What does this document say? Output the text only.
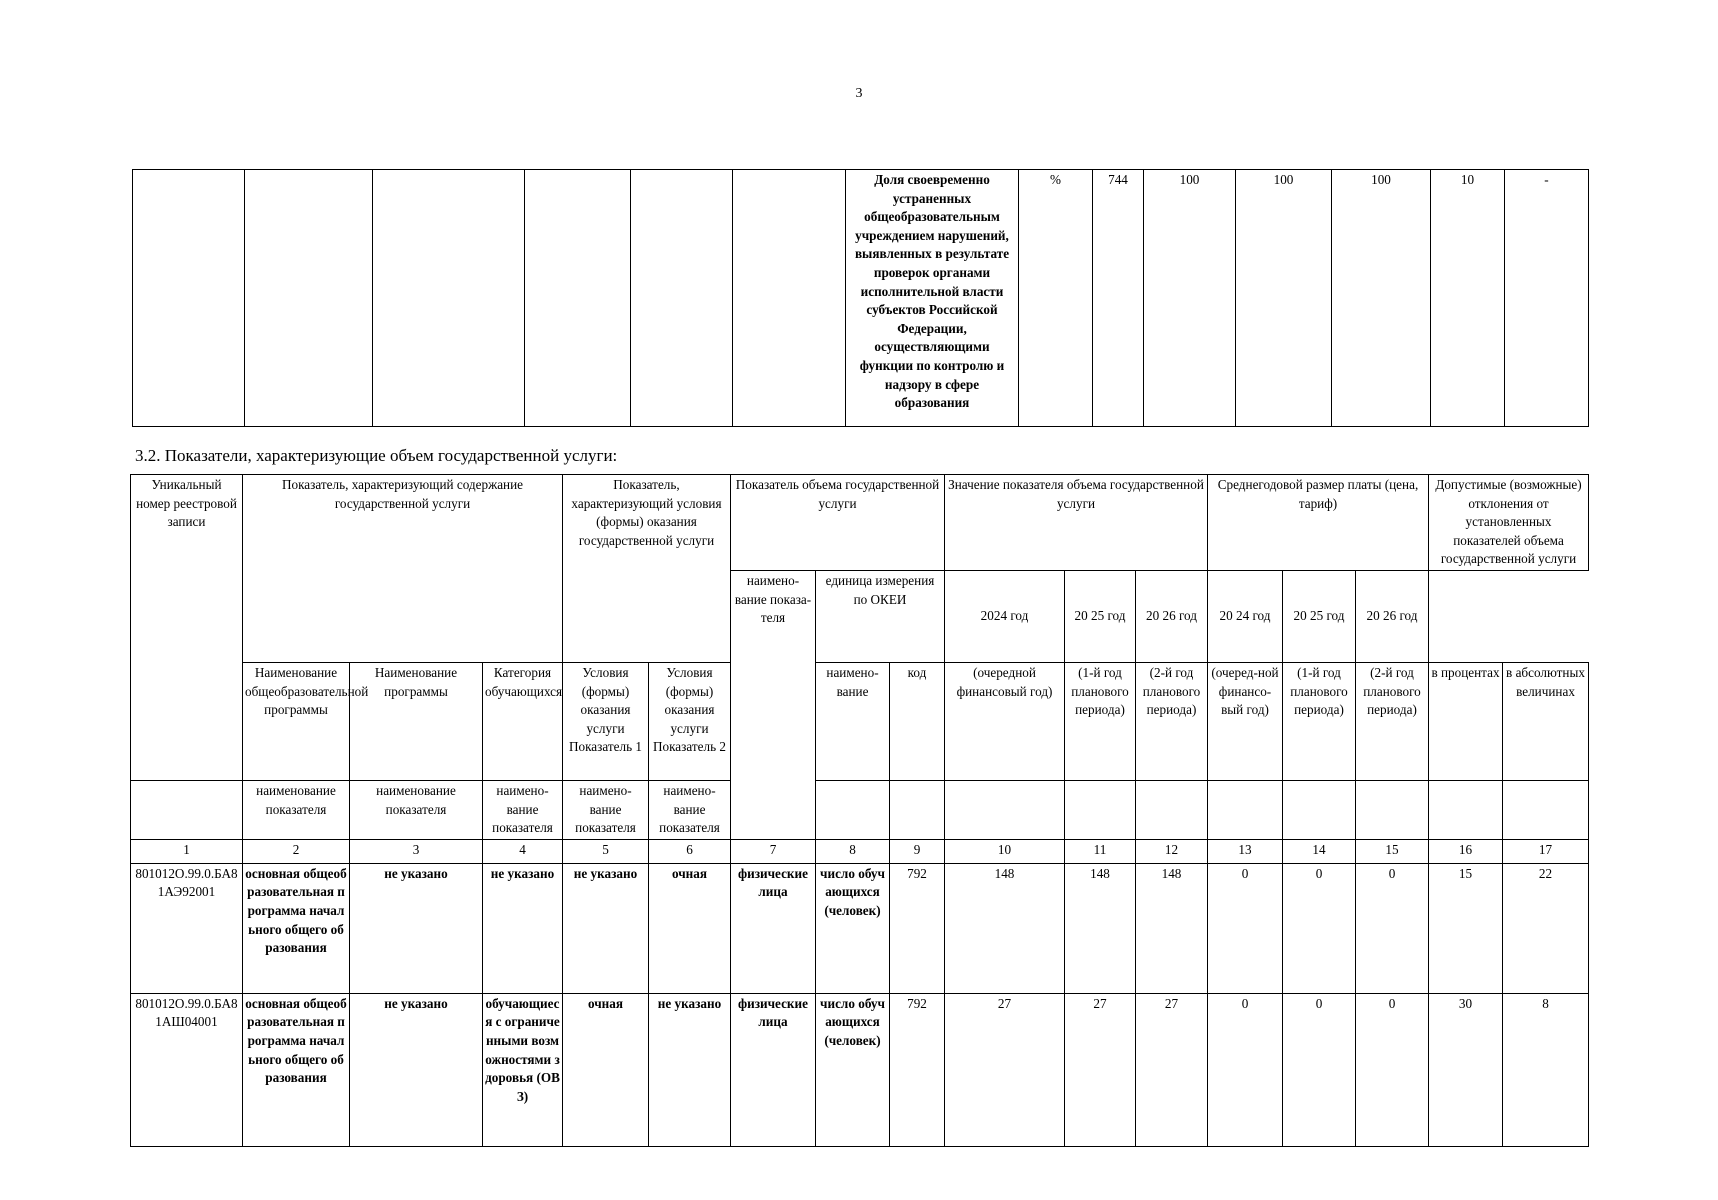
3
						Доля своевременно устраненных общеобразовательным учреждением нарушений, выявленных в результате проверок органами исполнительной власти субъектов Российской Федерации, осуществляющими функции по контролю и надзору в сфере образования	%	744	100	100	100	10	-
3.2. Показатели, характеризующие объем государственной услуги:
Уникальный номер реестровой записи	Показатель, характеризующий содержание государственной услуги			Показатель, характеризующий условия (формы) оказания государственной услуги		Показатель объема государственной услуги			Значение показателя объема государственной услуги			Среднегодовой размер платы (цена, тариф)			Допустимые (возможные) отклонения от установленных показателей объема государственной услуги	
						наимено-вание показа-теля	единица измерения по ОКЕИ		2024 год	20 25 год	20 26 год	20 24 год	20 25 год	20 26 год		
	Наименование общеобразовательной программы	Наименование программы	Категория обучающихся	Условия (формы) оказания услуги Показатель 1	Условия (формы) оказания услуги Показатель 2		наимено-вание	код	(очередной финансовый год)	(1-й год планового периода)	(2-й год планового периода)	(очеред-ной финансо-вый год)	(1-й год планового периода)	(2-й год планового периода)	в процентах	в абсолютных величинах
	наименование показателя	наименование показателя	наимено-вание показателя	наимено-вание показателя	наимено-вание показателя											
1	2	3	4	5	6	7	8	9	10	11	12	13	14	15	16	17
801012О.99.0.БА81АЭ92001	основная общеобразовательная программа начального общего образования	не указано	не указано	не указано	очная	физические лица	число обучающихся (человек)	792	148	148	148	0	0	0	15	22
801012О.99.0.БА81АШ04001	основная общеобразовательная программа начального общего образования	не указано	обучающиеся с ограниченными возможностями здоровья (ОВЗ)	очная	не указано	физические лица	число обучающихся (человек)	792	27	27	27	0	0	0	30	8
